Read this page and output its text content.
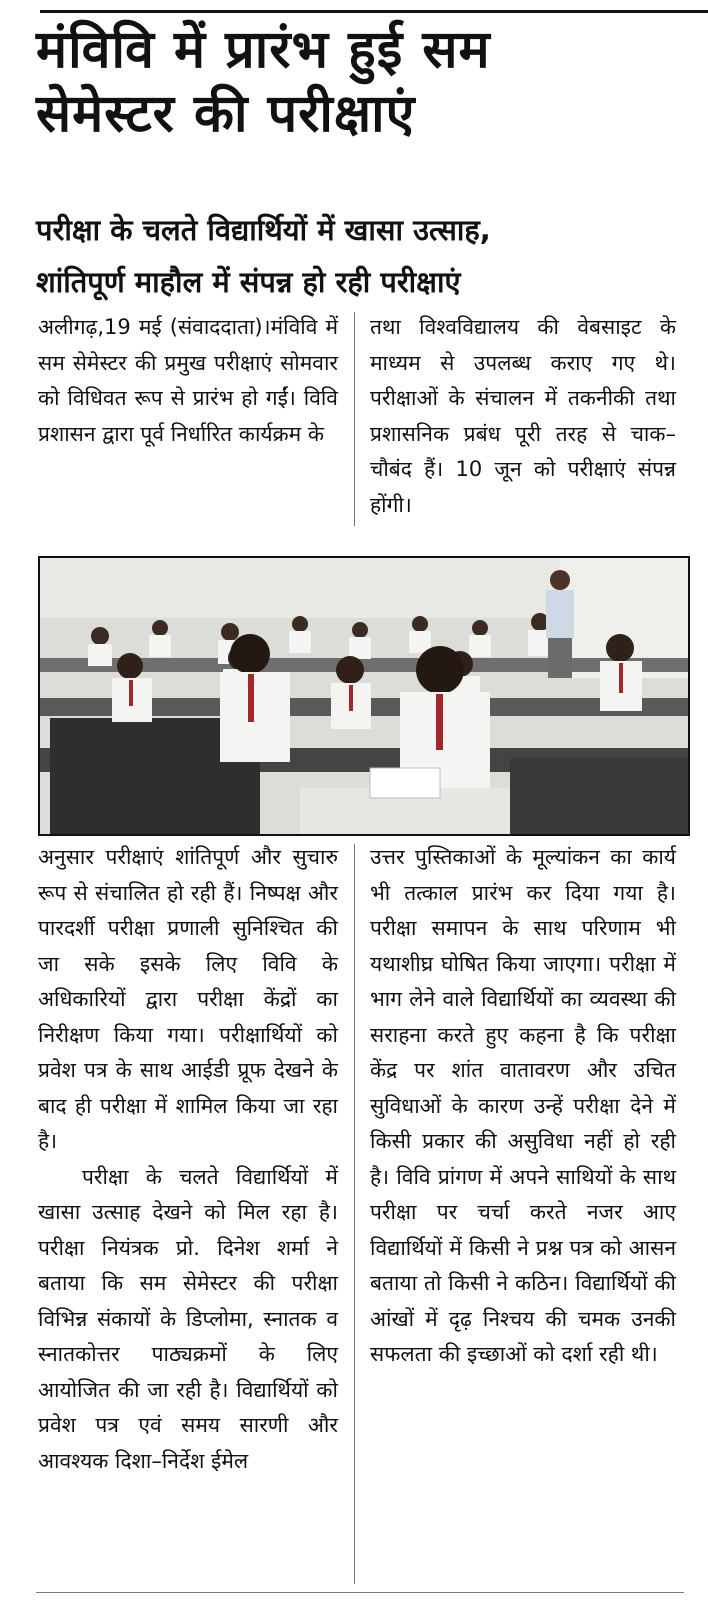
मंविवि में प्रारंभ हुई सम
सेमेस्टर की परीक्षाएं
परीक्षा के चलते विद्यार्थियों में खासा उत्साह,
शांतिपूर्ण माहौल में संपन्न हो रही परीक्षाएं

अलीगढ़,19 मई (संवाददाता)।मंविवि में सम सेमेस्टर की प्रमुख परीक्षाएं सोमवार को विधिवत रूप से प्रारंभ हो गईं। विवि प्रशासन द्वारा पूर्व निर्धारित कार्यक्रम के

तथा विश्वविद्यालय की वेबसाइट के माध्यम से उपलब्ध कराए गए थे। परीक्षाओं के संचालन में तकनीकी तथा प्रशासनिक प्रबंध पूरी तरह से चाक–चौबंद हैं। 10 जून को परीक्षाएं संपन्न होंगी।

अनुसार परीक्षाएं शांतिपूर्ण और सुचारु रूप से संचालित हो रही हैं। निष्पक्ष और पारदर्शी परीक्षा प्रणाली सुनिश्चित की जा सके इसके लिए विवि के अधिकारियों द्वारा परीक्षा केंद्रों का निरीक्षण किया गया। परीक्षार्थियों को प्रवेश पत्र के साथ आईडी प्रूफ देखने के बाद ही परीक्षा में शामिल किया जा रहा है।

परीक्षा के चलते विद्यार्थियों में खासा उत्साह देखने को मिल रहा है।परीक्षा नियंत्रक प्रो. दिनेश शर्मा ने बताया कि सम सेमेस्टर की परीक्षा विभिन्न संकायों के डिप्लोमा, स्नातक व स्नातकोत्तर पाठ्यक्रमों के लिए आयोजित की जा रही है। विद्यार्थियों को प्रवेश पत्र एवं समय सारणी और आवश्यक दिशा–निर्देश ईमेल

उत्तर पुस्तिकाओं के मूल्यांकन का कार्य भी तत्काल प्रारंभ कर दिया गया है। परीक्षा समापन के साथ परिणाम भी यथाशीघ्र घोषित किया जाएगा। परीक्षा में भाग लेने वाले विद्यार्थियों का व्यवस्था की सराहना करते हुए कहना है कि परीक्षा केंद्र पर शांत वातावरण और उचित सुविधाओं के कारण उन्हें परीक्षा देने में किसी प्रकार की असुविधा नहीं हो रही है। विवि प्रांगण में अपने साथियों के साथ परीक्षा पर चर्चा करते नजर आए विद्यार्थियों में किसी ने प्रश्न पत्र को आसन बताया तो किसी ने कठिन। विद्यार्थियों की आंखों में दृढ़ निश्चय की चमक उनकी सफलता की इच्छाओं को दर्शा रही थी।
